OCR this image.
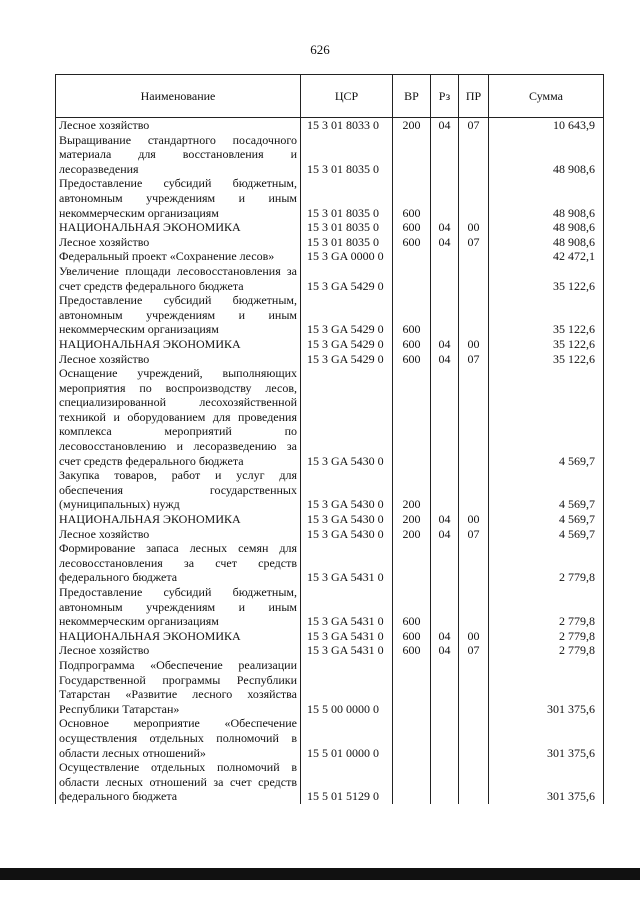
626
Наименование	ЦСР	ВР	Рз	ПР	Сумма
Лесное хозяйство	15 3 01 8033 0	200	04	07	10 643,9
Выращивание стандартного посадочного материала для восстановления и лесоразведения	15 3 01 8035 0				48 908,6
Предоставление субсидий бюджетным, автономным учреждениям и иным некоммерческим организациям	15 3 01 8035 0	600			48 908,6
НАЦИОНАЛЬНАЯ ЭКОНОМИКА	15 3 01 8035 0	600	04	00	48 908,6
Лесное хозяйство	15 3 01 8035 0	600	04	07	48 908,6
Федеральный проект «Сохранение лесов»	15 3 GA 0000 0				42 472,1
Увеличение площади лесовосстановления за счет средств федерального бюджета	15 3 GA 5429 0				35 122,6
Предоставление субсидий бюджетным, автономным учреждениям и иным некоммерческим организациям	15 3 GA 5429 0	600			35 122,6
НАЦИОНАЛЬНАЯ ЭКОНОМИКА	15 3 GA 5429 0	600	04	00	35 122,6
Лесное хозяйство	15 3 GA 5429 0	600	04	07	35 122,6
Оснащение учреждений, выполняющих мероприятия по воспроизводству лесов, специализированной лесохозяйственной техникой и оборудованием для проведения комплекса мероприятий по лесовосстановлению и лесоразведению за счет средств федерального бюджета	15 3 GA 5430 0				4 569,7
Закупка товаров, работ и услуг для обеспечения государственных (муниципальных) нужд	15 3 GA 5430 0	200			4 569,7
НАЦИОНАЛЬНАЯ ЭКОНОМИКА	15 3 GA 5430 0	200	04	00	4 569,7
Лесное хозяйство	15 3 GA 5430 0	200	04	07	4 569,7
Формирование запаса лесных семян для лесовосстановления за счет средств федерального бюджета	15 3 GA 5431 0				2 779,8
Предоставление субсидий бюджетным, автономным учреждениям и иным некоммерческим организациям	15 3 GA 5431 0	600			2 779,8
НАЦИОНАЛЬНАЯ ЭКОНОМИКА	15 3 GA 5431 0	600	04	00	2 779,8
Лесное хозяйство	15 3 GA 5431 0	600	04	07	2 779,8
Подпрограмма «Обеспечение реализации Государственной программы Республики Татарстан «Развитие лесного хозяйства Республики Татарстан»	15 5 00 0000 0				301 375,6
Основное мероприятие «Обеспечение осуществления отдельных полномочий в области лесных отношений»	15 5 01 0000 0				301 375,6
Осуществление отдельных полномочий в области лесных отношений за счет средств федерального бюджета	15 5 01 5129 0				301 375,6
